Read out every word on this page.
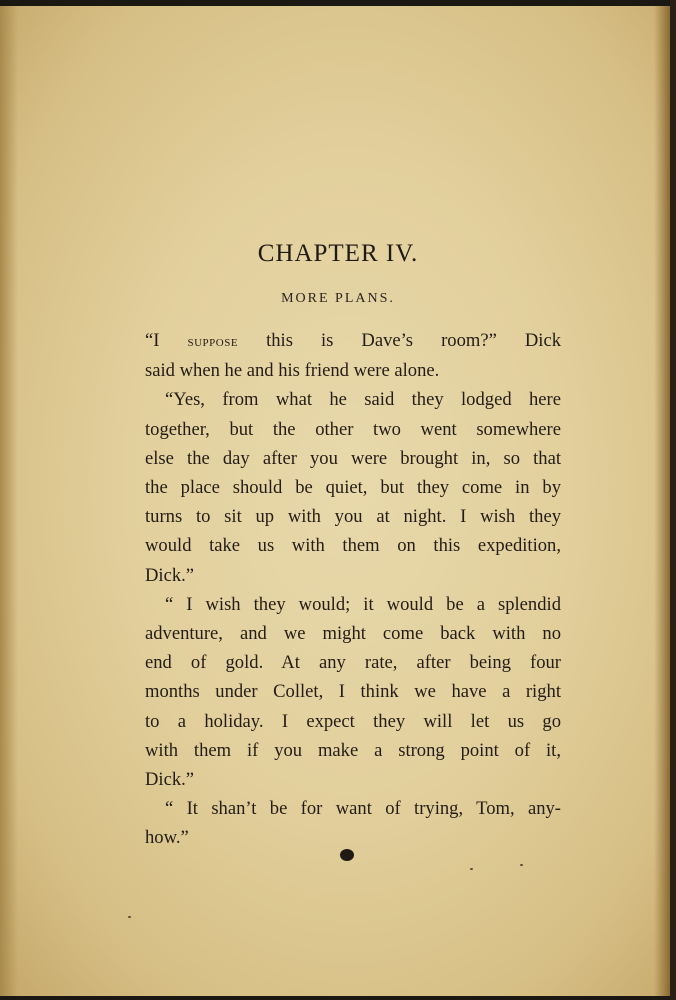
CHAPTER IV.
MORE PLANS.

“I suppose this is Dave’s room?” Dick
said when he and his friend were alone.

“Yes, from what he said they lodged here
together, but the other two went somewhere
else the day after you were brought in, so that
the place should be quiet, but they come in by
turns to sit up with you at night. I wish they
would take us with them on this expedition,
Dick.”

“ I wish they would; it would be a splendid
adventure, and we might come back with no
end of gold. At any rate, after being four
months under Collet, I think we have a right
to a holiday. I expect they will let us go
with them if you make a strong point of it,
Dick.”

“ It shan’t be for want of trying, Tom, any-
how.”
